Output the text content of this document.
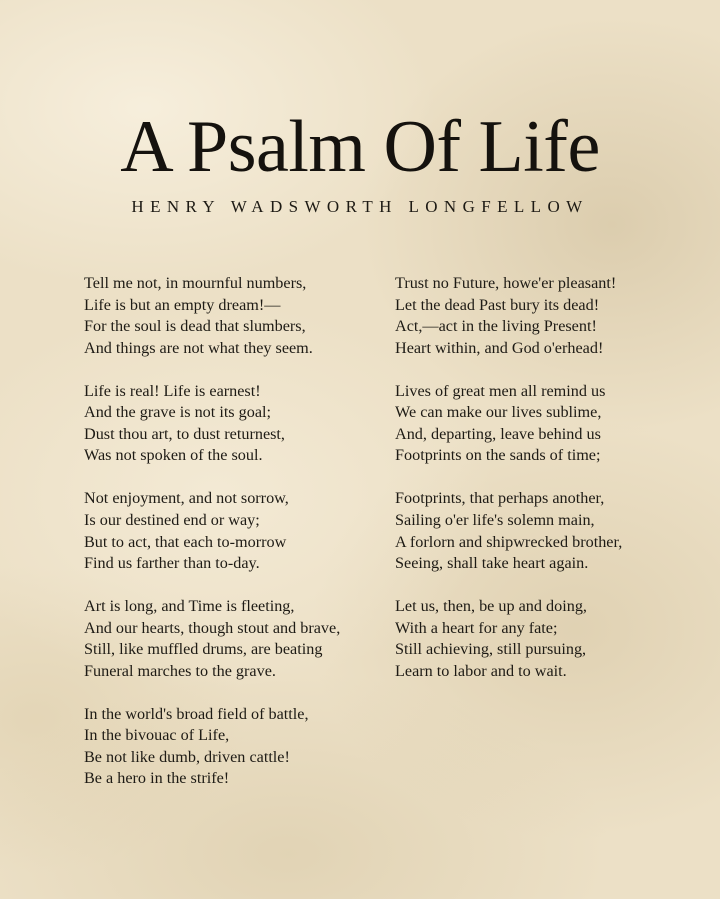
A Psalm Of Life
HENRY WADSWORTH LONGFELLOW

Tell me not, in mournful numbers,
Life is but an empty dream!—
For the soul is dead that slumbers,
And things are not what they seem.

Life is real! Life is earnest!
And the grave is not its goal;
Dust thou art, to dust returnest,
Was not spoken of the soul.

Not enjoyment, and not sorrow,
Is our destined end or way;
But to act, that each to-morrow
Find us farther than to-day.

Art is long, and Time is fleeting,
And our hearts, though stout and brave,
Still, like muffled drums, are beating
Funeral marches to the grave.

In the world's broad field of battle,
In the bivouac of Life,
Be not like dumb, driven cattle!
Be a hero in the strife!

Trust no Future, howe'er pleasant!
Let the dead Past bury its dead!
Act,—act in the living Present!
Heart within, and God o'erhead!

Lives of great men all remind us
We can make our lives sublime,
And, departing, leave behind us
Footprints on the sands of time;

Footprints, that perhaps another,
Sailing o'er life's solemn main,
A forlorn and shipwrecked brother,
Seeing, shall take heart again.

Let us, then, be up and doing,
With a heart for any fate;
Still achieving, still pursuing,
Learn to labor and to wait.
